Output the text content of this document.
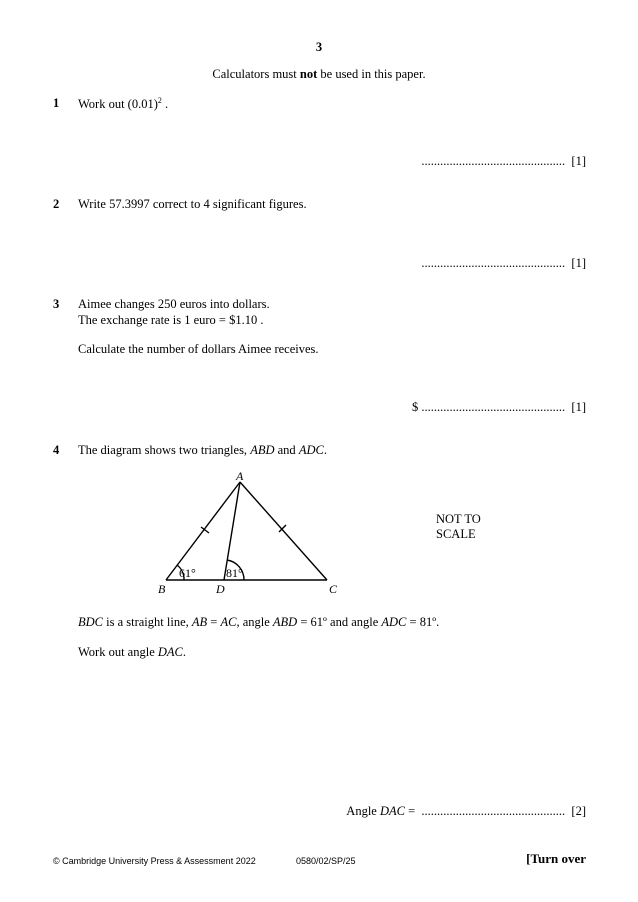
3
Calculators must not be used in this paper.
1 Work out $(0.01)^2$ .
.............................................. [1]
2 Write 57.3997 correct to 4 significant figures.
.............................................. [1]
3 Aimee changes 250 euros into dollars.
The exchange rate is 1 euro = $1.10 .
Calculate the number of dollars Aimee receives.
$ .............................................. [1]
4 The diagram shows two triangles, ABD and ADC.
A
B	D	C
61°	81°
NOT TO
SCALE
BDC is a straight line, AB = AC, angle ABD = 61º and angle ADC = 81º.
Work out angle DAC.
Angle DAC =  .............................................. [2]
© Cambridge University Press & Assessment 2022	0580/02/SP/25	[Turn over
